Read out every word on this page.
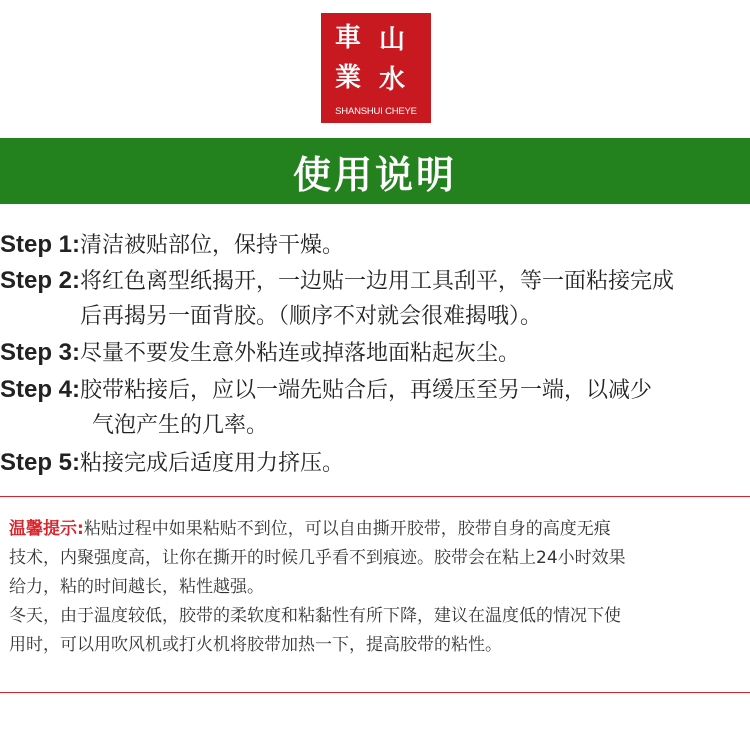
車 山
業 水
SHANSHUI CHEYE
使用说明
Step 1:清洁被贴部位，保持干燥。
Step 2:将红色离型纸揭开，一边贴一边用工具刮平，等一面粘接完成
后再揭另一面背胶。（顺序不对就会很难揭哦）。
Step 3:尽量不要发生意外粘连或掉落地面粘起灰尘。
Step 4:胶带粘接后，应以一端先贴合后，再缓压至另一端，以减少
气泡产生的几率。
Step 5:粘接完成后适度用力挤压。
温馨提示:粘贴过程中如果粘贴不到位，可以自由撕开胶带，胶带自身的高度无痕
技术，内聚强度高，让你在撕开的时候几乎看不到痕迹。胶带会在粘上24小时效果
给力，粘的时间越长，粘性越强。
冬天，由于温度较低，胶带的柔软度和粘黏性有所下降，建议在温度低的情况下使
用时，可以用吹风机或打火机将胶带加热一下，提高胶带的粘性。
